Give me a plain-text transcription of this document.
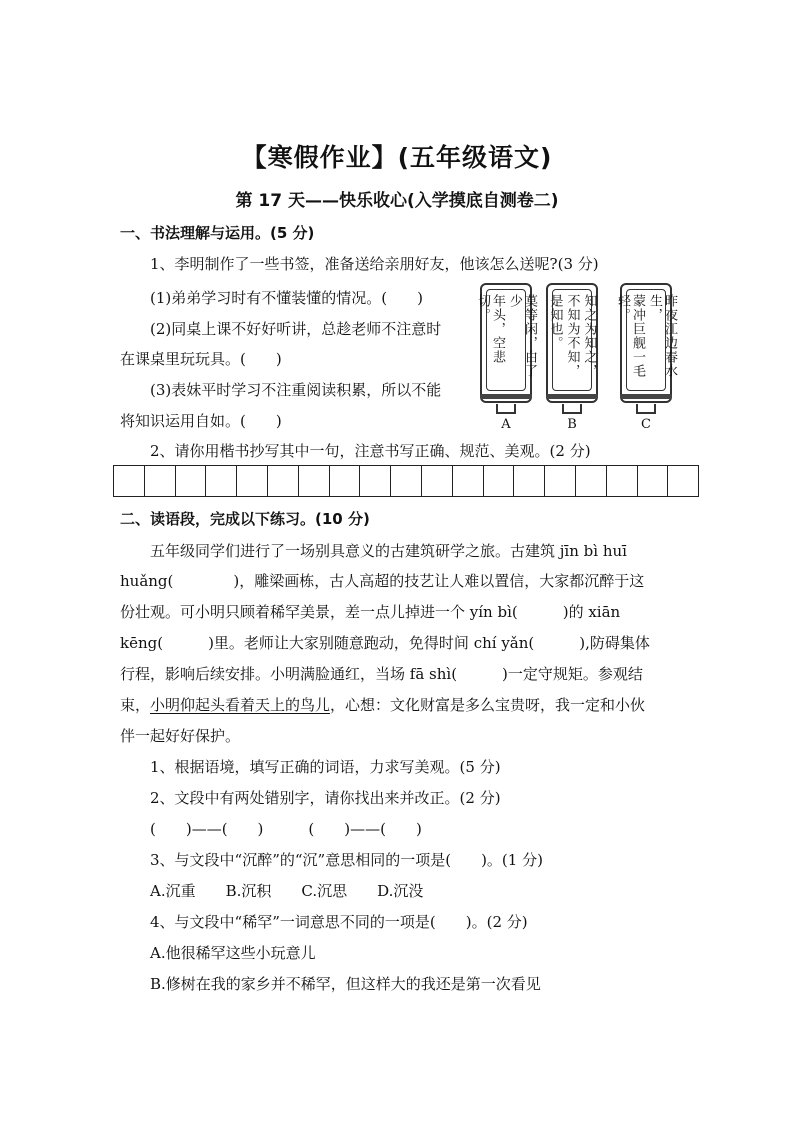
【寒假作业】(五年级语文)
第 17 天——快乐收心(入学摸底自测卷二)
一、书法理解与运用。(5 分)
1、李明制作了一些书签，准备送给亲朋好友，他该怎么送呢?(3 分)
(1)弟弟学习时有不懂装懂的情况。(　　)
(2)同桌上课不好好听讲，总趁老师不注意时
在课桌里玩玩具。(　　)
(3)表妹平时学习不注重阅读积累，所以不能
将知识运用自如。(　　)
莫等闲，白了少
年头，空悲切。	知之为知之，
不知为不知，
是知也。	昨夜江边春水生，
蒙冲巨舰一毛轻。
A	B	C
2、请你用楷书抄写其中一句，注意书写正确、规范、美观。(2 分)
二、读语段，完成以下练习。(10 分)
　　五年级同学们进行了一场别具意义的古建筑研学之旅。古建筑 jīn bì huī
huǎng(　　　　)，雕梁画栋，古人高超的技艺让人难以置信，大家都沉醉于这
份壮观。可小明只顾着稀罕美景，差一点儿掉进一个 yín bì(　　　)的 xiān
kēng(　　　)里。老师让大家别随意跑动，免得时间 chí yǎn(　　　),防碍集体
行程，影响后续安排。小明满脸通红，当场 fā shì(　　　)一定守规矩。参观结
束，小明仰起头看着天上的鸟儿，心想：文化财富是多么宝贵呀，我一定和小伙
伴一起好好保护。
1、根据语境，填写正确的词语，力求写美观。(5 分)
2、文段中有两处错别字，请你找出来并改正。(2 分)
(　　)——(　　)　　　(　　)——(　　)
3、与文段中“沉醉”的“沉”意思相同的一项是(　　)。(1 分)
A.沉重　　B.沉积　　C.沉思　　D.沉没
4、与文段中“稀罕”一词意思不同的一项是(　　)。(2 分)
A.他很稀罕这些小玩意儿
B.修树在我的家乡并不稀罕，但这样大的我还是第一次看见
